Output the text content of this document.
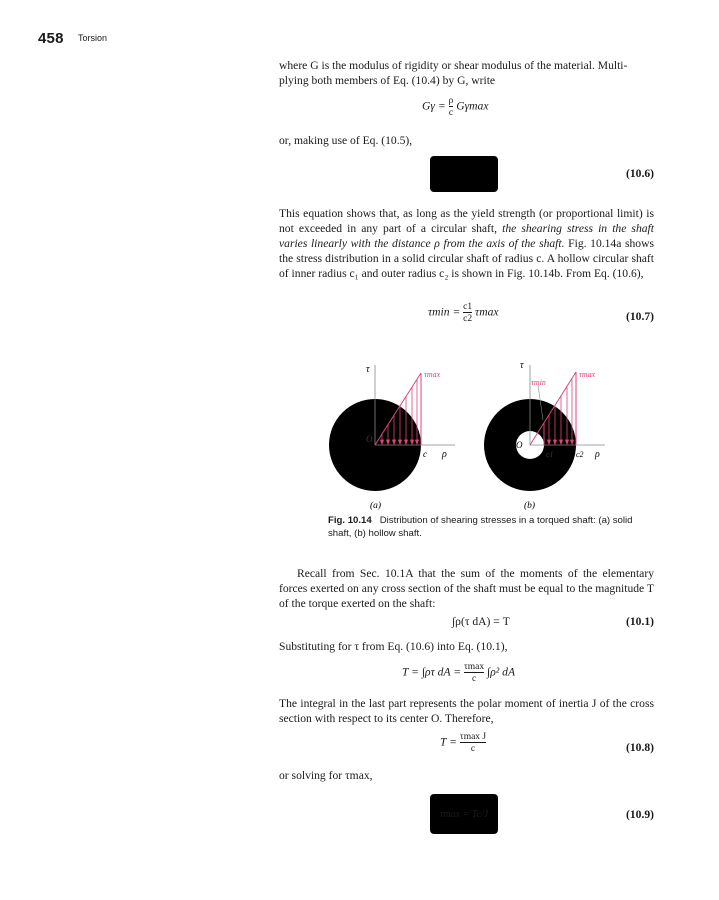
458 Torsion
where G is the modulus of rigidity or shear modulus of the material. Multi-
plying both members of Eq. (10.4) by G, write
$G\gamma = \frac{\rho}{c}$ Gγmax
or, making use of Eq. (10.5),
(10.6)
This equation shows that, as long as the yield strength (or proportional limit) is not exceeded in any part of a circular shaft, the shearing stress in the shaft varies linearly with the distance ρ from the axis of the shaft. Fig. 10.14a shows the stress distribution in a solid circular shaft of radius c. A hollow circular shaft of inner radius c₁ and outer radius c₂ is shown in Fig. 10.14b. From Eq. (10.6),
$\tau\min = \frac{c1}{c2}$ τmax	(10.7)
τ	τmax
O
c ρ
(a)
τ
τmin
τmax
O
c1	c2 ρ
(b)
Fig. 10.14 Distribution of shearing stresses in a torqued shaft: (a) solid shaft, (b) hollow shaft.
Recall from Sec. 10.1A that the sum of the moments of the elementary forces exerted on any cross section of the shaft must be equal to the magnitude T of the torque exerted on the shaft:
∫ρ(τ dA) = T	(10.1)
Substituting for τ from Eq. (10.6) into Eq. (10.1),
T = ∫ρτ dA = $\frac{\tau\max}{c} \int\rho^2$ dA
The integral in the last part represents the polar moment of inertia J of the cross section with respect to its center O. Therefore,
$T = \frac{\text{τmax J}}{c}$	(10.8)
or solving for τmax,
τmax = Tc/J	(10.9)
